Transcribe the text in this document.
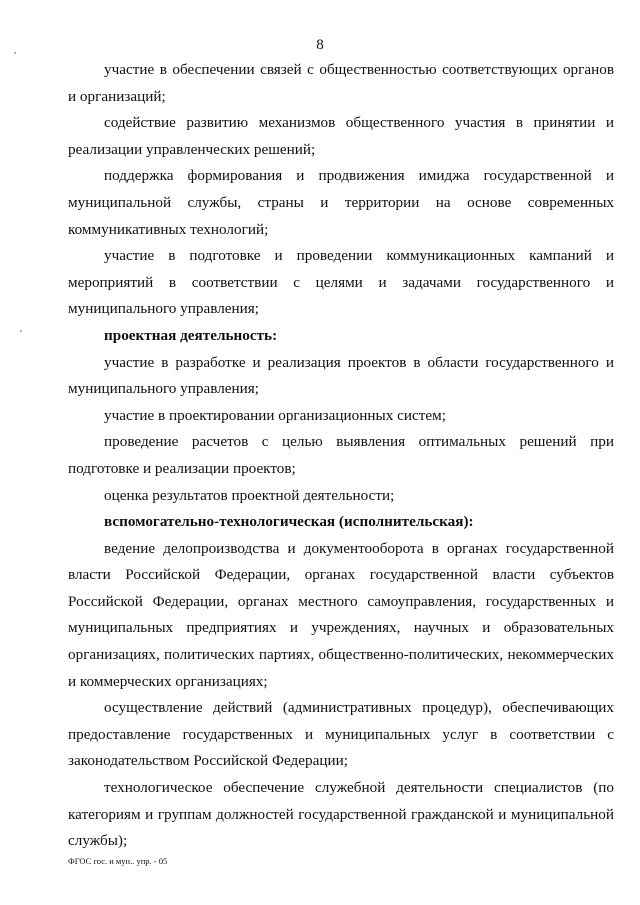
8

участие в обеспечении связей с общественностью соответствующих органов и организаций;

содействие развитию механизмов общественного участия в принятии и реализации управленческих решений;

поддержка формирования и продвижения имиджа государственной и муниципальной службы, страны и территории на основе современных коммуникативных технологий;

участие в подготовке и проведении коммуникационных кампаний и мероприятий в соответствии с целями и задачами государственного и муниципального управления;

проектная деятельность:

участие в разработке и реализация проектов в области государственного и муниципального управления;

участие в проектировании организационных систем;

проведение расчетов с целью выявления оптимальных решений при подготовке и реализации проектов;

оценка результатов проектной деятельности;

вспомогательно-технологическая (исполнительская):

ведение делопроизводства и документооборота в органах государственной власти Российской Федерации, органах государственной власти субъектов Российской Федерации, органах местного самоуправления, государственных и муниципальных предприятиях и учреждениях, научных и образовательных организациях, политических партиях, общественно-политических, некоммерческих и коммерческих организациях;

осуществление действий (административных процедур), обеспечивающих предоставление государственных и муниципальных услуг в соответствии с законодательством Российской Федерации;

технологическое обеспечение служебной деятельности специалистов (по категориям и группам должностей государственной гражданской и муниципальной службы);

ФГОС гос. и мун.. упр. - 05
